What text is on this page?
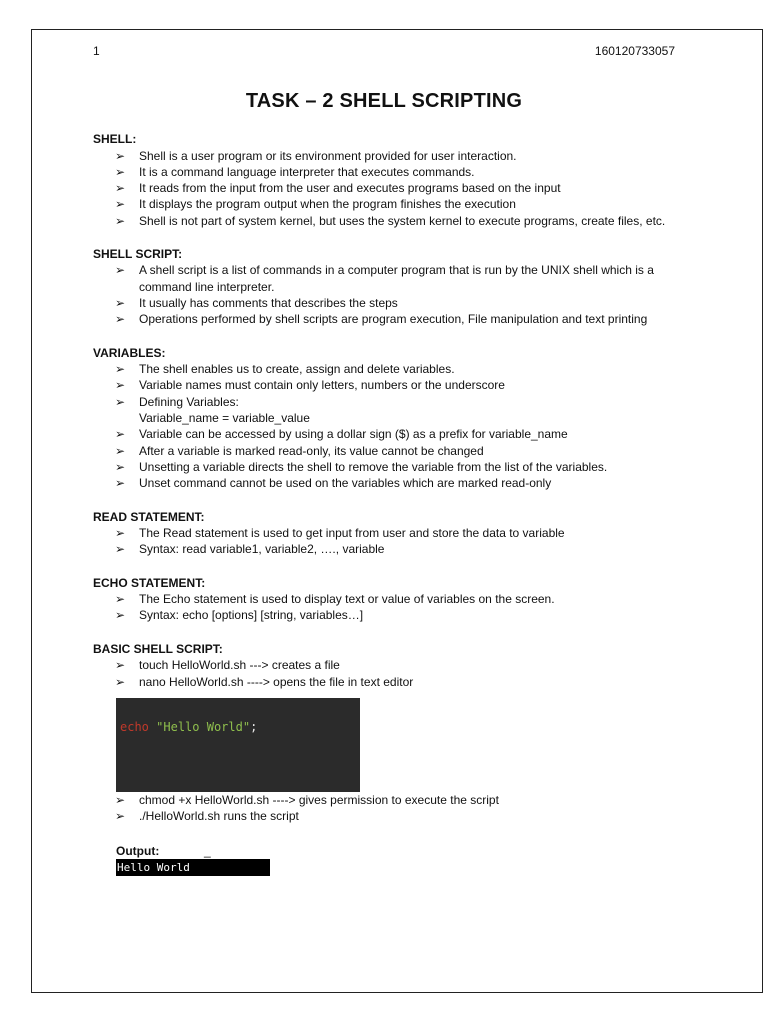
1	160120733057
TASK – 2 SHELL SCRIPTING

SHELL:

➢ Shell is a user program or its environment provided for user interaction.
➢ It is a command language interpreter that executes commands.
➢ It reads from the input from the user and executes programs based on the input
➢ It displays the program output when the program finishes the execution
➢ Shell is not part of system kernel, but uses the system kernel to execute programs, create files, etc.

SHELL SCRIPT:

➢ A shell script is a list of commands in a computer program that is run by the UNIX shell which is a command line interpreter.
➢ It usually has comments that describes the steps
➢ Operations performed by shell scripts are program execution, File manipulation and text printing

VARIABLES:

➢ The shell enables us to create, assign and delete variables.
➢ Variable names must contain only letters, numbers or the underscore
➢ Defining Variables:
Variable_name = variable_value
➢ Variable can be accessed by using a dollar sign ($) as a prefix for variable_name
➢ After a variable is marked read-only, its value cannot be changed
➢ Unsetting a variable directs the shell to remove the variable from the list of the variables.
➢ Unset command cannot be used on the variables which are marked read-only

READ STATEMENT:

➢ The Read statement is used to get input from user and store the data to variable
➢ Syntax: read variable1, variable2, …., variable

ECHO STATEMENT:

➢ The Echo statement is used to display text or value of variables on the screen.
➢ Syntax: echo [options] [string, variables…]

BASIC SHELL SCRIPT:

➢ touch HelloWorld.sh ---> creates a file
➢ nano HelloWorld.sh ----> opens the file in text editor
echo "Hello World";
➢ chmod +x HelloWorld.sh ----> gives permission to execute the script
➢ ./HelloWorld.sh runs the script
Output:	_
Hello World
